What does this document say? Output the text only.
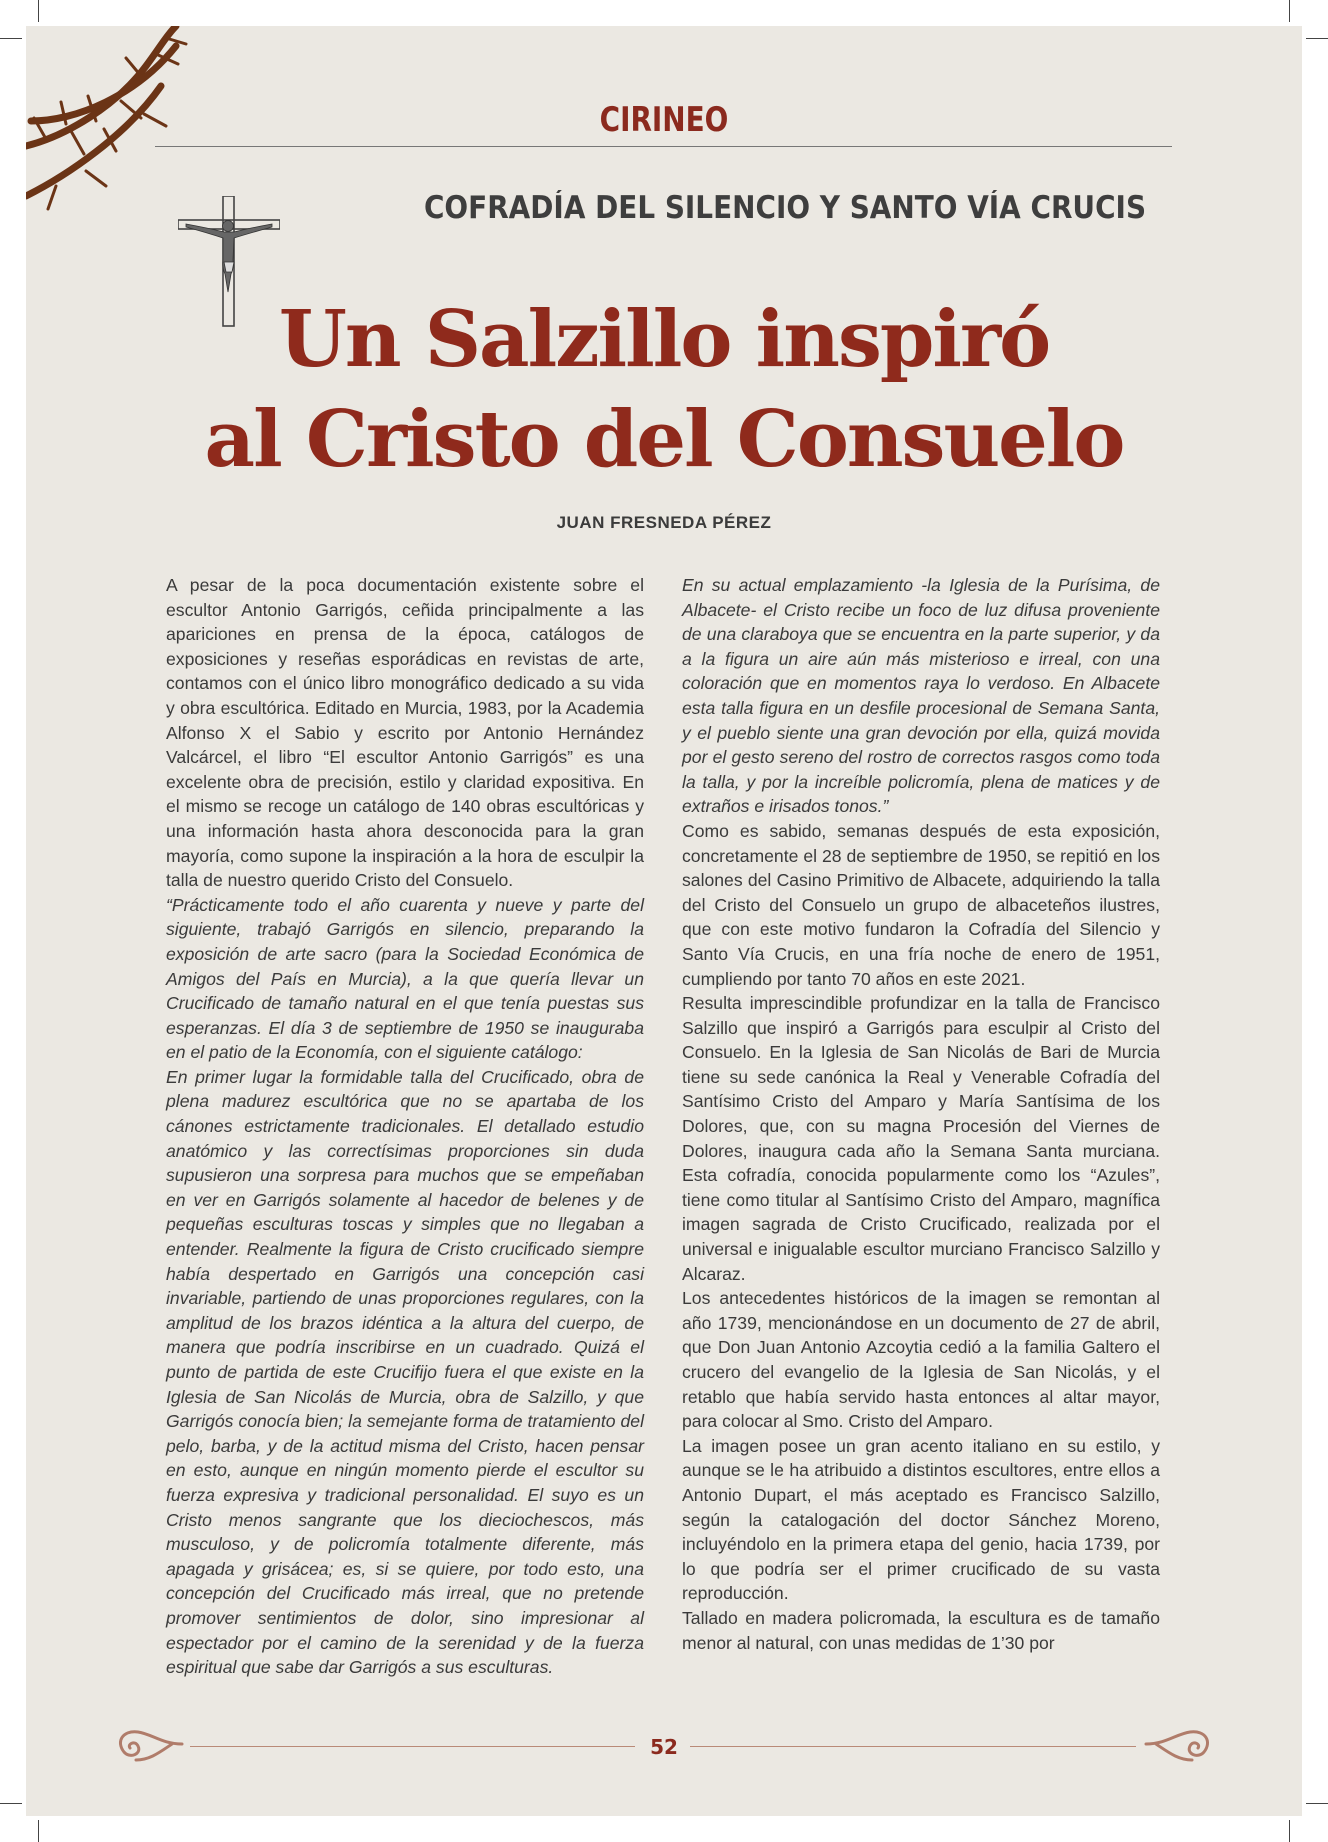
CIRINEO
COFRADÍA DEL SILENCIO Y SANTO VÍA CRUCIS
Un Salzillo inspiró
al Cristo del Consuelo
JUAN FRESNEDA PÉREZ

A pesar de la poca documentación existente sobre el escultor Antonio Garrigós, ceñida principalmente a las apariciones en prensa de la época, catálogos de exposiciones y reseñas esporádicas en revistas de arte, contamos con el único libro monográfico dedicado a su vida y obra escultórica. Editado en Murcia, 1983, por la Academia Alfonso X el Sabio y escrito por Antonio Hernández Valcárcel, el libro “El escultor Antonio Garrigós” es una excelente obra de precisión, estilo y claridad expositiva. En el mismo se recoge un catálogo de 140 obras escultóricas y una información hasta ahora desconocida para la gran mayoría, como supone la inspiración a la hora de esculpir la talla de nuestro querido Cristo del Consuelo.

“Prácticamente todo el año cuarenta y nueve y parte del siguiente, trabajó Garrigós en silencio, preparando la exposición de arte sacro (para la Sociedad Económica de Amigos del País en Murcia), a la que quería llevar un Crucificado de tamaño natural en el que tenía puestas sus esperanzas. El día 3 de septiembre de 1950 se inauguraba en el patio de la Economía, con el siguiente catálogo:

En primer lugar la formidable talla del Crucificado, obra de plena madurez escultórica que no se apartaba de los cánones estrictamente tradicionales. El detallado estudio anatómico y las correctísimas proporciones sin duda supusieron una sorpresa para muchos que se empeñaban en ver en Garrigós solamente al hacedor de belenes y de pequeñas esculturas toscas y simples que no llegaban a entender. Realmente la figura de Cristo crucificado siempre había despertado en Garrigós una concepción casi invariable, partiendo de unas proporciones regulares, con la amplitud de los brazos idéntica a la altura del cuerpo, de manera que podría inscribirse en un cuadrado. Quizá el punto de partida de este Crucifijo fuera el que existe en la Iglesia de San Nicolás de Murcia, obra de Salzillo, y que Garrigós conocía bien; la semejante forma de tratamiento del pelo, barba, y de la actitud misma del Cristo, hacen pensar en esto, aunque en ningún momento pierde el escultor su fuerza expresiva y tradicional personalidad. El suyo es un Cristo menos sangrante que los dieciochescos, más musculoso, y de policromía totalmente diferente, más apagada y grisácea; es, si se quiere, por todo esto, una concepción del Crucificado más irreal, que no pretende promover sentimientos de dolor, sino impresionar al espectador por el camino de la serenidad y de la fuerza espiritual que sabe dar Garrigós a sus esculturas.

En su actual emplazamiento -la Iglesia de la Purísima, de Albacete- el Cristo recibe un foco de luz difusa proveniente de una claraboya que se encuentra en la parte superior, y da a la figura un aire aún más misterioso e irreal, con una coloración que en momentos raya lo verdoso. En Albacete esta talla figura en un desfile procesional de Semana Santa, y el pueblo siente una gran devoción por ella, quizá movida por el gesto sereno del rostro de correctos rasgos como toda la talla, y por la increíble policromía, plena de matices y de extraños e irisados tonos.”

Como es sabido, semanas después de esta exposición, concretamente el 28 de septiembre de 1950, se repitió en los salones del Casino Primitivo de Albacete, adquiriendo la talla del Cristo del Consuelo un grupo de albaceteños ilustres, que con este motivo fundaron la Cofradía del Silencio y Santo Vía Crucis, en una fría noche de enero de 1951, cumpliendo por tanto 70 años en este 2021.

Resulta imprescindible profundizar en la talla de Francisco Salzillo que inspiró a Garrigós para esculpir al Cristo del Consuelo. En la Iglesia de San Nicolás de Bari de Murcia tiene su sede canónica la Real y Venerable Cofradía del Santísimo Cristo del Amparo y María Santísima de los Dolores, que, con su magna Procesión del Viernes de Dolores, inaugura cada año la Semana Santa murciana. Esta cofradía, conocida popularmente como los “Azules”, tiene como titular al Santísimo Cristo del Amparo, magnífica imagen sagrada de Cristo Crucificado, realizada por el universal e inigualable escultor murciano Francisco Salzillo y Alcaraz.

Los antecedentes históricos de la imagen se remontan al año 1739, mencionándose en un documento de 27 de abril, que Don Juan Antonio Azcoytia cedió a la familia Galtero el crucero del evangelio de la Iglesia de San Nicolás, y el retablo que había servido hasta entonces al altar mayor, para colocar al Smo. Cristo del Amparo.

La imagen posee un gran acento italiano en su estilo, y aunque se le ha atribuido a distintos escultores, entre ellos a Antonio Dupart, el más aceptado es Francisco Salzillo, según la catalogación del doctor Sánchez Moreno, incluyéndolo en la primera etapa del genio, hacia 1739, por lo que podría ser el primer crucificado de su vasta reproducción.

Tallado en madera policromada, la escultura es de tamaño menor al natural, con unas medidas de 1’30 por

52
